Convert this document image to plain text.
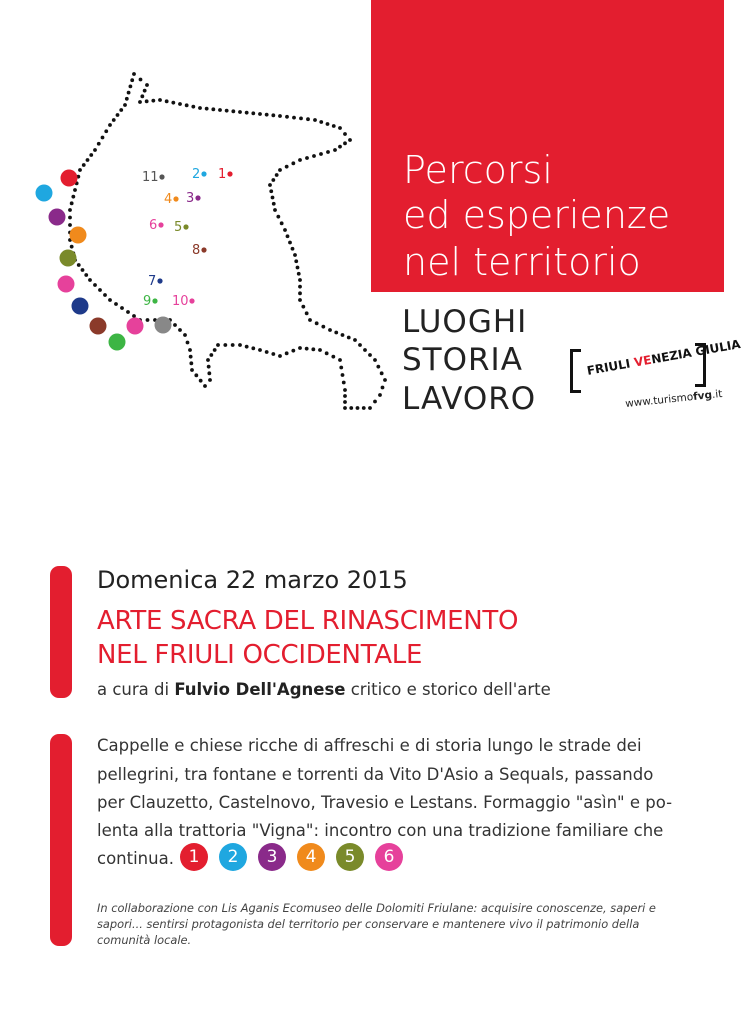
11	2 1
4 3
6 5
8
7
9 10
Percorsi
ed esperienze
nel territorio
LUOGHI
STORIA
LAVORO
FRIULI VENEZIA GIULIA
www.turismofvg.it
Domenica 22 marzo 2015
ARTE SACRA DEL RINASCIMENTO
NEL FRIULI OCCIDENTALE
a cura di Fulvio Dell'Agnese critico e storico dell'arte
Cappelle e chiese ricche di affreschi e di storia lungo le strade dei
pellegrini, tra fontane e torrenti da Vito D'Asio a Sequals, passando
per Clauzetto, Castelnovo, Travesio e Lestans. Formaggio "asìn" e po-
lenta alla trattoria "Vigna": incontro con una tradizione familiare che
continua. 1	2	3	4	5	6
In collaborazione con Lis Aganis Ecomuseo delle Dolomiti Friulane: acquisire conoscenze, saperi e sapori... sentirsi protagonista del territorio per conservare e mantenere vivo il patrimonio della comunità locale.
